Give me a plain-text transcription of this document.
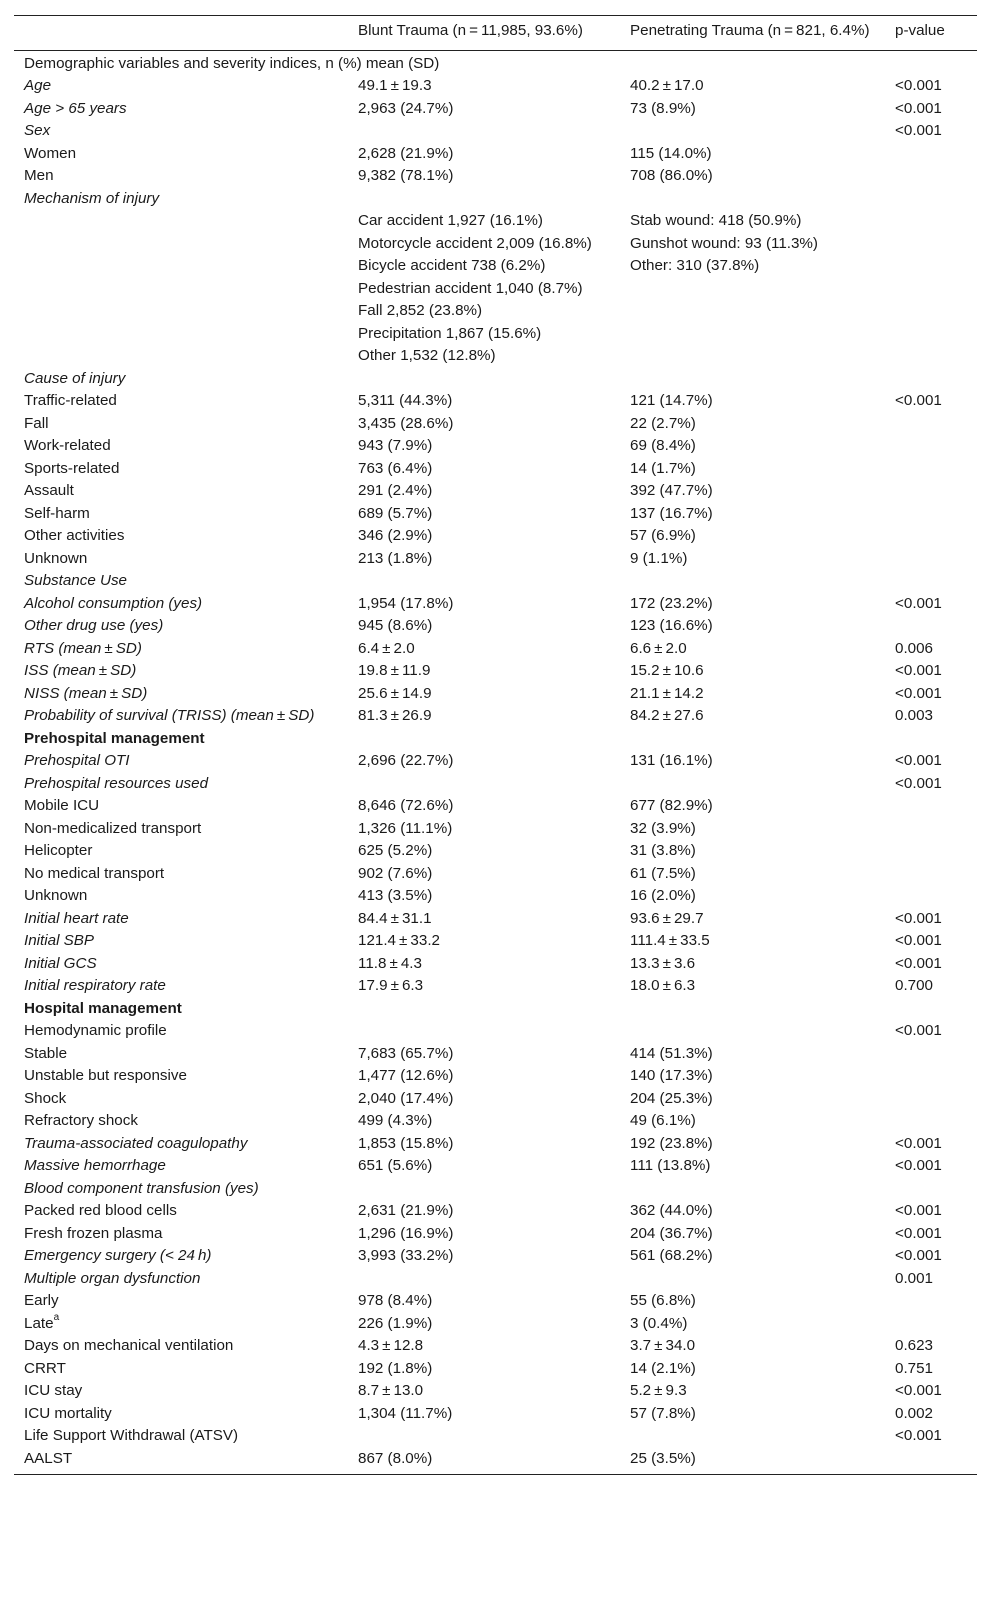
	Blunt Trauma (n = 11,985, 93.6%)	Penetrating Trauma (n = 821, 6.4%)	p-value
Demographic variables and severity indices, n (%) mean (SD)			
Age	49.1 ± 19.3	40.2 ± 17.0	<0.001
Age > 65 years	2,963 (24.7%)	73 (8.9%)	<0.001
Sex			<0.001
Women	2,628 (21.9%)	115 (14.0%)	
Men	9,382 (78.1%)	708 (86.0%)	
Mechanism of injury			
	Car accident 1,927 (16.1%)	Stab wound: 418 (50.9%)	
	Motorcycle accident 2,009 (16.8%)	Gunshot wound: 93 (11.3%)	
	Bicycle accident 738 (6.2%)	Other: 310 (37.8%)	
	Pedestrian accident 1,040 (8.7%)		
	Fall 2,852 (23.8%)		
	Precipitation 1,867 (15.6%)		
	Other 1,532 (12.8%)		
Cause of injury			
Traffic-related	5,311 (44.3%)	121 (14.7%)	<0.001
Fall	3,435 (28.6%)	22 (2.7%)	
Work-related	943 (7.9%)	69 (8.4%)	
Sports-related	763 (6.4%)	14 (1.7%)	
Assault	291 (2.4%)	392 (47.7%)	
Self-harm	689 (5.7%)	137 (16.7%)	
Other activities	346 (2.9%)	57 (6.9%)	
Unknown	213 (1.8%)	9 (1.1%)	
Substance Use			
Alcohol consumption (yes)	1,954 (17.8%)	172 (23.2%)	<0.001
Other drug use (yes)	945 (8.6%)	123 (16.6%)	
RTS (mean ± SD)	6.4 ± 2.0	6.6 ± 2.0	0.006
ISS (mean ± SD)	19.8 ± 11.9	15.2 ± 10.6	<0.001
NISS (mean ± SD)	25.6 ± 14.9	21.1 ± 14.2	<0.001
Probability of survival (TRISS) (mean ± SD)	81.3 ± 26.9	84.2 ± 27.6	0.003
Prehospital management			
Prehospital OTI	2,696 (22.7%)	131 (16.1%)	<0.001
Prehospital resources used			<0.001
Mobile ICU	8,646 (72.6%)	677 (82.9%)	
Non-medicalized transport	1,326 (11.1%)	32 (3.9%)	
Helicopter	625 (5.2%)	31 (3.8%)	
No medical transport	902 (7.6%)	61 (7.5%)	
Unknown	413 (3.5%)	16 (2.0%)	
Initial heart rate	84.4 ± 31.1	93.6 ± 29.7	<0.001
Initial SBP	121.4 ± 33.2	111.4 ± 33.5	<0.001
Initial GCS	11.8 ± 4.3	13.3 ± 3.6	<0.001
Initial respiratory rate	17.9 ± 6.3	18.0 ± 6.3	0.700
Hospital management			
Hemodynamic profile			<0.001
Stable	7,683 (65.7%)	414 (51.3%)	
Unstable but responsive	1,477 (12.6%)	140 (17.3%)	
Shock	2,040 (17.4%)	204 (25.3%)	
Refractory shock	499 (4.3%)	49 (6.1%)	
Trauma-associated coagulopathy	1,853 (15.8%)	192 (23.8%)	<0.001
Massive hemorrhage	651 (5.6%)	111 (13.8%)	<0.001
Blood component transfusion (yes)			
Packed red blood cells	2,631 (21.9%)	362 (44.0%)	<0.001
Fresh frozen plasma	1,296 (16.9%)	204 (36.7%)	<0.001
Emergency surgery (< 24 h)	3,993 (33.2%)	561 (68.2%)	<0.001
Multiple organ dysfunction			0.001
Early	978 (8.4%)	55 (6.8%)	
Late$^a$	226 (1.9%)	3 (0.4%)	
Days on mechanical ventilation	4.3 ± 12.8	3.7 ± 34.0	0.623
CRRT	192 (1.8%)	14 (2.1%)	0.751
ICU stay	8.7 ± 13.0	5.2 ± 9.3	<0.001
ICU mortality	1,304 (11.7%)	57 (7.8%)	0.002
Life Support Withdrawal (ATSV)			<0.001
AALST	867 (8.0%)	25 (3.5%)	
